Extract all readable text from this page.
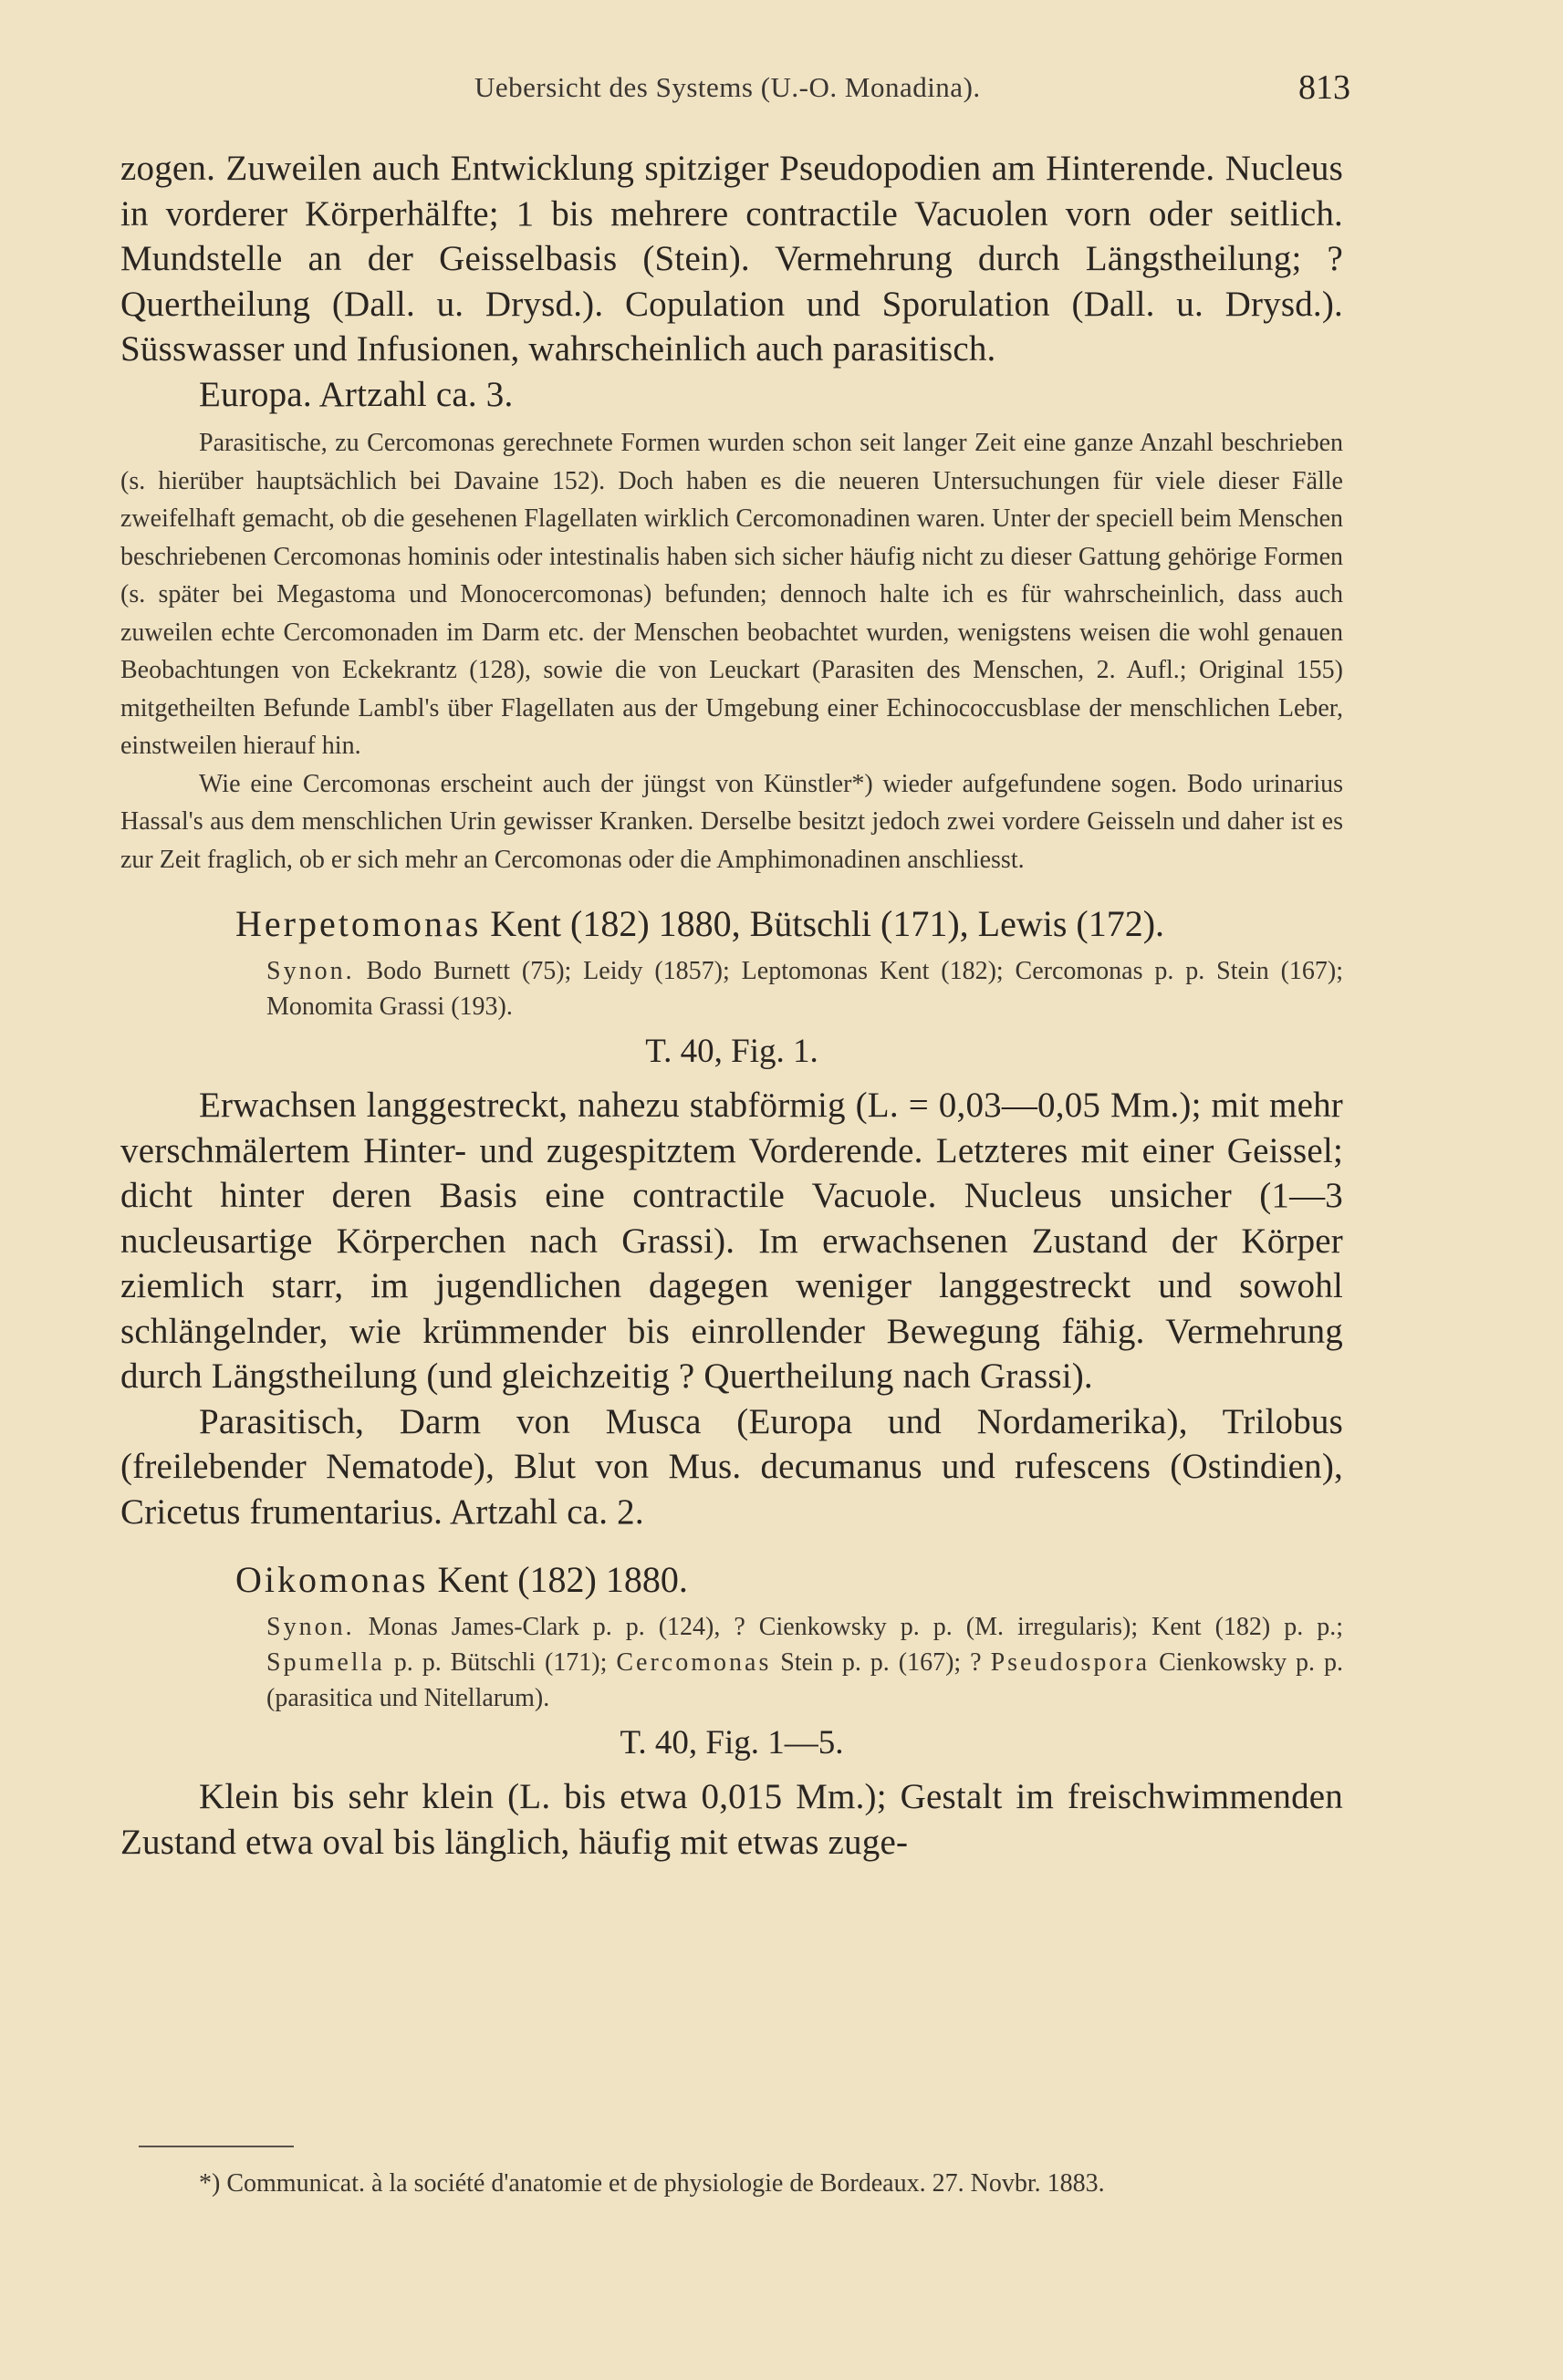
Uebersicht des Systems (U.-O. Monadina).	813

zogen. Zuweilen auch Entwicklung spitziger Pseudopodien am Hinterende. Nucleus in vorderer Körperhälfte; 1 bis mehrere contractile Vacuolen vorn oder seitlich. Mundstelle an der Geisselbasis (Stein). Vermehrung durch Längstheilung; ? Quertheilung (Dall. u. Drysd.). Copulation und Sporulation (Dall. u. Drysd.). Süsswasser und Infusionen, wahrscheinlich auch parasitisch.

Europa. Artzahl ca. 3.

Parasitische, zu Cercomonas gerechnete Formen wurden schon seit langer Zeit eine ganze Anzahl beschrieben (s. hierüber hauptsächlich bei Davaine 152). Doch haben es die neueren Untersuchungen für viele dieser Fälle zweifelhaft gemacht, ob die gesehenen Flagellaten wirklich Cercomonadinen waren. Unter der speciell beim Menschen beschriebenen Cercomonas hominis oder intestinalis haben sich sicher häufig nicht zu dieser Gattung gehörige Formen (s. später bei Megastoma und Monocercomonas) befunden; dennoch halte ich es für wahrscheinlich, dass auch zuweilen echte Cercomonaden im Darm etc. der Menschen beobachtet wurden, wenigstens weisen die wohl genauen Beobachtungen von Eckekrantz (128), sowie die von Leuckart (Parasiten des Menschen, 2. Aufl.; Original 155) mitgetheilten Befunde Lambl's über Flagellaten aus der Umgebung einer Echinococcusblase der menschlichen Leber, einstweilen hierauf hin.

Wie eine Cercomonas erscheint auch der jüngst von Künstler*) wieder aufgefundene sogen. Bodo urinarius Hassal's aus dem menschlichen Urin gewisser Kranken. Derselbe besitzt jedoch zwei vordere Geisseln und daher ist es zur Zeit fraglich, ob er sich mehr an Cercomonas oder die Amphimonadinen anschliesst.

Herpetomonas Kent (182) 1880, Bütschli (171), Lewis (172).

Synon. Bodo Burnett (75); Leidy (1857); Leptomonas Kent (182); Cercomonas p. p. Stein (167); Monomita Grassi (193).

T. 40, Fig. 1.

Erwachsen langgestreckt, nahezu stabförmig (L. = 0,03—0,05 Mm.); mit mehr verschmälertem Hinter- und zugespitztem Vorderende. Letzteres mit einer Geissel; dicht hinter deren Basis eine contractile Vacuole. Nucleus unsicher (1—3 nucleusartige Körperchen nach Grassi). Im erwachsenen Zustand der Körper ziemlich starr, im jugendlichen dagegen weniger langgestreckt und sowohl schlängelnder, wie krümmender bis einrollender Bewegung fähig. Vermehrung durch Längstheilung (und gleichzeitig ? Quertheilung nach Grassi).

Parasitisch, Darm von Musca (Europa und Nordamerika), Trilobus (freilebender Nematode), Blut von Mus. decumanus und rufescens (Ostindien), Cricetus frumentarius. Artzahl ca. 2.

Oikomonas Kent (182) 1880.

Synon. Monas James-Clark p. p. (124), ? Cienkowsky p. p. (M. irregularis); Kent (182) p. p.; Spumella p. p. Bütschli (171); Cercomonas Stein p. p. (167); ? Pseudospora Cienkowsky p. p. (parasitica und Nitellarum).

T. 40, Fig. 1—5.

Klein bis sehr klein (L. bis etwa 0,015 Mm.); Gestalt im freischwimmenden Zustand etwa oval bis länglich, häufig mit etwas zuge-

*) Communicat. à la société d'anatomie et de physiologie de Bordeaux. 27. Novbr. 1883.
